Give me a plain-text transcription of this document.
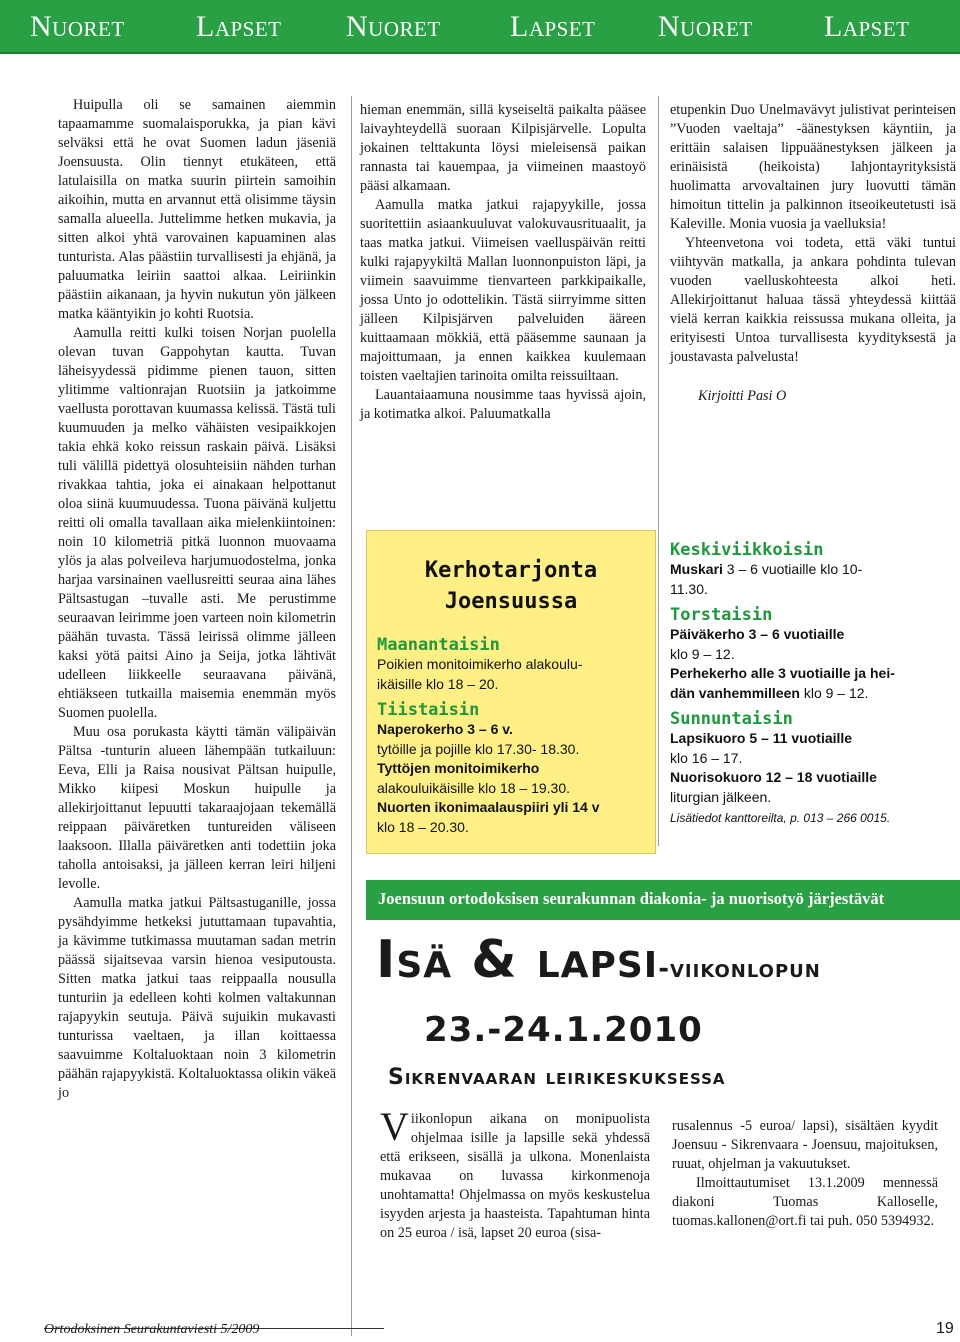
Nuoret Lapset Nuoret Lapset Nuoret Lapset

Huipulla oli se samainen aiemmin tapaamamme suomalaisporukka, ja pian kävi selväksi että he ovat Suomen ladun jäseniä Joensuusta. Olin tiennyt etukäteen, että latulaisilla on matka suurin piirtein samoihin aikoihin, mutta en arvannut että olisimme täysin samalla alueella. Juttelimme hetken mukavia, ja sitten alkoi yhtä varovainen kapuaminen alas tunturista. Alas päästiin turvallisesti ja ehjänä, ja paluumatka leiriin saattoi alkaa. Leiriinkin päästiin aikanaan, ja hyvin nukutun yön jälkeen matka kääntyikin jo kohti Ruotsia.

Aamulla reitti kulki toisen Norjan puolella olevan tuvan Gappohytan kautta. Tuvan läheisyydessä pidimme pienen tauon, sitten ylitimme valtionrajan Ruotsiin ja jatkoimme vaellusta porottavan kuumassa kelissä. Tästä tuli kuumuuden ja melko vähäisten vesipaikkojen takia ehkä koko reissun raskain päivä. Lisäksi tuli välillä pidettyä olosuhteisiin nähden turhan rivakkaa tahtia, joka ei ainakaan helpottanut oloa siinä kuumuudessa. Tuona päivänä kuljettu reitti oli omalla tavallaan aika mielenkiintoinen: noin 10 kilometriä pitkä luonnon muovaama ylös ja alas polveileva harjumuodostelma, jonka harjaa varsinainen vaellusreitti seuraa aina lähes Pältsastugan –tuvalle asti. Me perustimme seuraavan leirimme joen varteen noin kilometrin päähän tuvasta. Tässä leirissä olimme jälleen kaksi yötä paitsi Aino ja Seija, jotka lähtivät udelleen liikkeelle seuraavana päivänä, ehtiäkseen tutkailla maisemia enemmän myös Suomen puolella.

Muu osa porukasta käytti tämän välipäivän Pältsa -tunturin alueen lähempään tutkailuun: Eeva, Elli ja Raisa nousivat Pältsan huipulle, Mikko kiipesi Moskun huipulle ja allekirjoittanut lepuutti takaraajojaan tekemällä reippaan päiväretken tuntureiden väliseen laaksoon. Illalla päiväretken anti todettiin joka taholla antoisaksi, ja jälleen kerran leiri hiljeni levolle.

Aamulla matka jatkui Pältsastuganille, jossa pysähdyimme hetkeksi jututtamaan tupavahtia, ja kävimme tutkimassa muutaman sadan metrin päässä sijaitsevaa varsin hienoa vesiputousta. Sitten matka jatkui taas reippaalla nousulla tunturiin ja edelleen kohti kolmen valtakunnan rajapyykin seutuja. Päivä sujuikin mukavasti tunturissa vaeltaen, ja illan koittaessa saavuimme Koltaluoktaan noin 3 kilometrin päähän rajapyykistä. Koltaluoktassa olikin väkeä jo

hieman enemmän, sillä kyseiseltä paikalta pääsee laivayhteydellä suoraan Kilpisjärvelle. Lopulta jokainen telttakunta löysi mieleisensä paikan rannasta tai kauempaa, ja viimeinen maastoyö pääsi alkamaan.

Aamulla matka jatkui rajapyykille, jossa suoritettiin asiaankuuluvat valokuvausrituaalit, ja taas matka jatkui. Viimeisen vaelluspäivän reitti kulki rajapyykiltä Mallan luonnonpuiston läpi, ja viimein saavuimme tienvarteen parkkipaikalle, jossa Unto jo odottelikin. Tästä siirryimme sitten jälleen Kilpisjärven palveluiden ääreen kuittaamaan mökkiä, että pääsemme saunaan ja majoittumaan, ja ennen kaikkea kuulemaan toisten vaeltajien tarinoita omilta reissuiltaan.

Lauantaiaamuna nousimme taas hyvissä ajoin, ja kotimatka alkoi. Paluumatkalla

etupenkin Duo Unelmavävyt julistivat perinteisen ”Vuoden vaeltaja” -äänestyksen käyntiin, ja erittäin salaisen lippuäänestyksen jälkeen ja erinäisistä (heikoista) lahjontayrityksistä huolimatta arvovaltainen jury luovutti tämän himoitun tittelin ja palkinnon itseoikeutetusti isä Kaleville. Monia vuosia ja vaelluksia!

Yhteenvetona voi todeta, että väki tuntui viihtyvän matkalla, ja ankara pohdinta tulevan vuoden vaelluskohteesta alkoi heti. Allekirjoittanut haluaa tässä yhteydessä kiittää vielä kerran kaikkia reissussa mukana olleita, ja erityisesti Untoa turvallisesta kyydityksestä ja joustavasta palvelusta!

Kirjoitti Pasi O

Kerhotarjonta
Joensuussa
Maanantaisin
Poikien monitoimikerho alakoulu-
ikäisille klo 18 – 20.
Tiistaisin
Naperokerho 3 – 6 v.
tytöille ja pojille klo 17.30- 18.30.
Tyttöjen monitoimikerho
alakouluikäisille klo 18 – 19.30.
Nuorten ikonimaalauspiiri yli 14 v
klo 18 – 20.30.
Keskiviikkoisin
Muskari 3 – 6 vuotiaille klo 10-
11.30.
Torstaisin
Päiväkerho 3 – 6 vuotiaille
klo 9 – 12.
Perhekerho alle 3 vuotiaille ja hei-
dän vanhemmilleen klo 9 – 12.
Sunnuntaisin
Lapsikuoro 5 – 11 vuotiaille
klo 16 – 17.
Nuorisokuoro 12 – 18 vuotiaille
liturgian jälkeen.
Lisätiedot kanttoreilta, p. 013 – 266 0015.
Joensuun ortodoksisen seurakunnan diakonia- ja nuorisotyö järjestävät
Isä & lapsi-viikonlopun
23.-24.1.2010
Sikrenvaaran leirikeskuksessa
Viikonlopun aikana on monipuolista ohjelmaa isille ja lapsille sekä yhdessä että erikseen, sisällä ja ulkona. Monenlaista mukavaa on luvassa kirkonmenoja unohtamatta! Ohjelmassa on myös keskustelua isyyden arjesta ja haasteista. Tapahtuman hinta on 25 euroa / isä, lapset 20 euroa (sisa-
rusalennus -5 euroa/ lapsi), sisältäen kyydit Joensuu - Sikrenvaara - Joensuu, majoituksen, ruuat, ohjelman ja vakuutukset.
Ilmoittautumiset 13.1.2009 mennessä diakoni Tuomas Kalloselle, tuomas.kallonen@ort.fi tai puh. 050 5394932.
Ortodoksinen Seurakuntaviesti 5/2009	19
